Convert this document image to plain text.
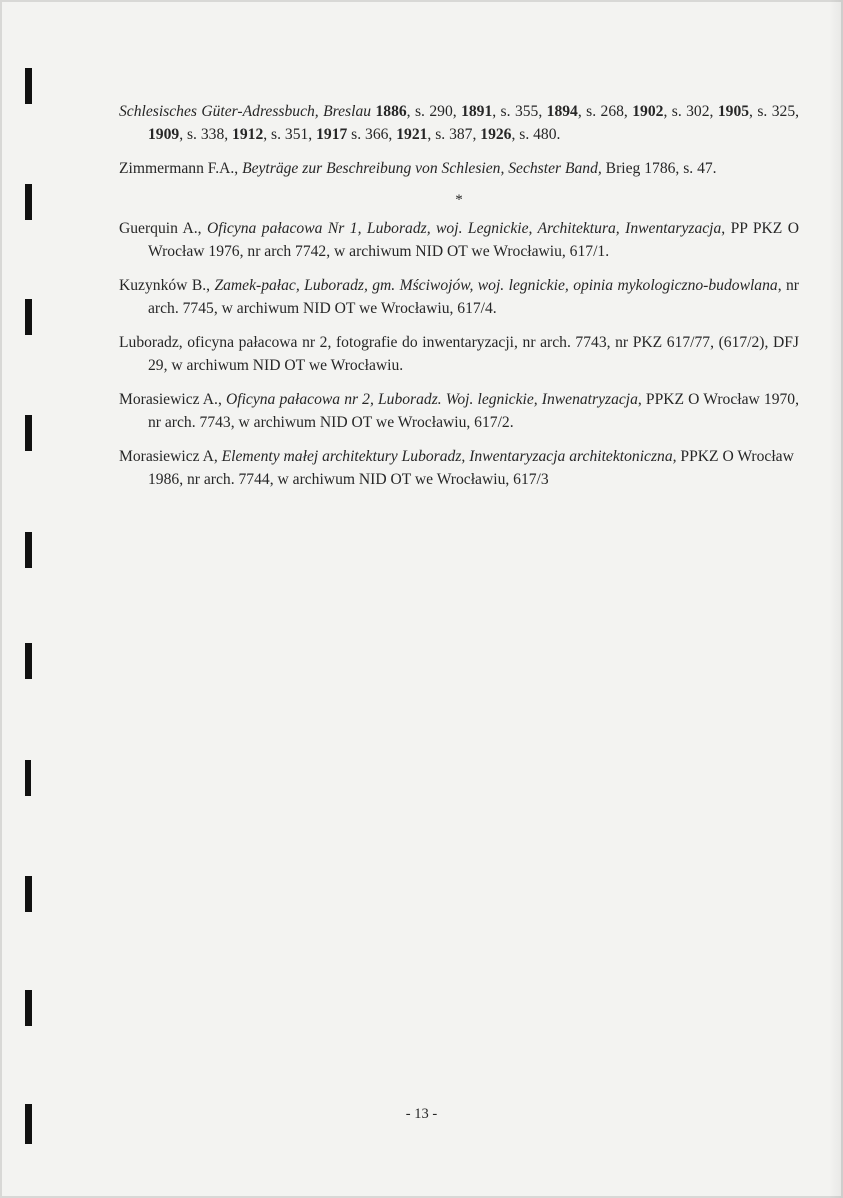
Schlesisches Güter-Adressbuch, Breslau 1886, s. 290, 1891, s. 355, 1894, s. 268, 1902, s. 302, 1905, s. 325, 1909, s. 338, 1912, s. 351, 1917 s. 366, 1921, s. 387, 1926, s. 480.

Zimmermann F.A., Beyträge zur Beschreibung von Schlesien, Sechster Band, Brieg 1786, s. 47.

*

Guerquin A., Oficyna pałacowa Nr 1, Luboradz, woj. Legnickie, Architektura, Inwentaryzacja, PP PKZ O Wrocław 1976, nr arch 7742, w archiwum NID OT we Wrocławiu, 617/1.

Kuzynków B., Zamek-pałac, Luboradz, gm. Mściwojów, woj. legnickie, opinia mykologiczno-budowlana, nr arch. 7745, w archiwum NID OT we Wrocławiu, 617/4.

Luboradz, oficyna pałacowa nr 2, fotografie do inwentaryzacji, nr arch. 7743, nr PKZ 617/77, (617/2), DFJ 29, w archiwum NID OT we Wrocławiu.

Morasiewicz A., Oficyna pałacowa nr 2, Luboradz. Woj. legnickie, Inwenatryzacja, PPKZ O Wrocław 1970, nr arch. 7743, w archiwum NID OT we Wrocławiu, 617/2.

Morasiewicz A, Elementy małej architektury Luboradz, Inwentaryzacja architektoniczna, PPKZ O Wrocław 1986, nr arch. 7744, w archiwum NID OT we Wrocławiu, 617/3

- 13 -
